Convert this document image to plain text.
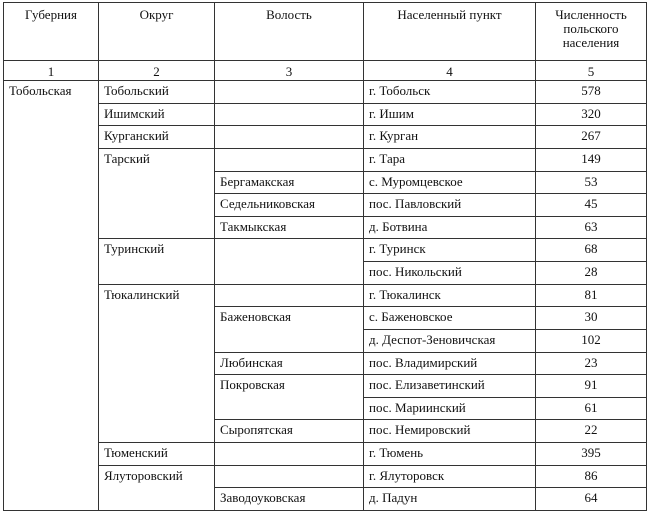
Губерния	Округ	Волость	Населенный пункт	Численность польского населения
1	2	3	4	5
Тобольская	Тобольский		г. Тобольск	578
	Ишимский		г. Ишим	320
	Курганский		г. Курган	267
	Тарский		г. Тара	149
		Бергамакская	с. Муромцевское	53
		Седельниковская	пос. Павловский	45
		Такмыкская	д. Ботвина	63
	Туринский		г. Туринск	68
			пос. Никольский	28
	Тюкалинский		г. Тюкалинск	81
		Баженовская	с. Баженовское	30
			д. Деспот-Зеновичская	102
		Любинская	пос. Владимирский	23
		Покровская	пос. Елизаветинский	91
			пос. Мариинский	61
		Сыропятская	пос. Немировский	22
	Тюменский		г. Тюмень	395
	Ялуторовский		г. Ялуторовск	86
		Заводоуковская	д. Падун	64
